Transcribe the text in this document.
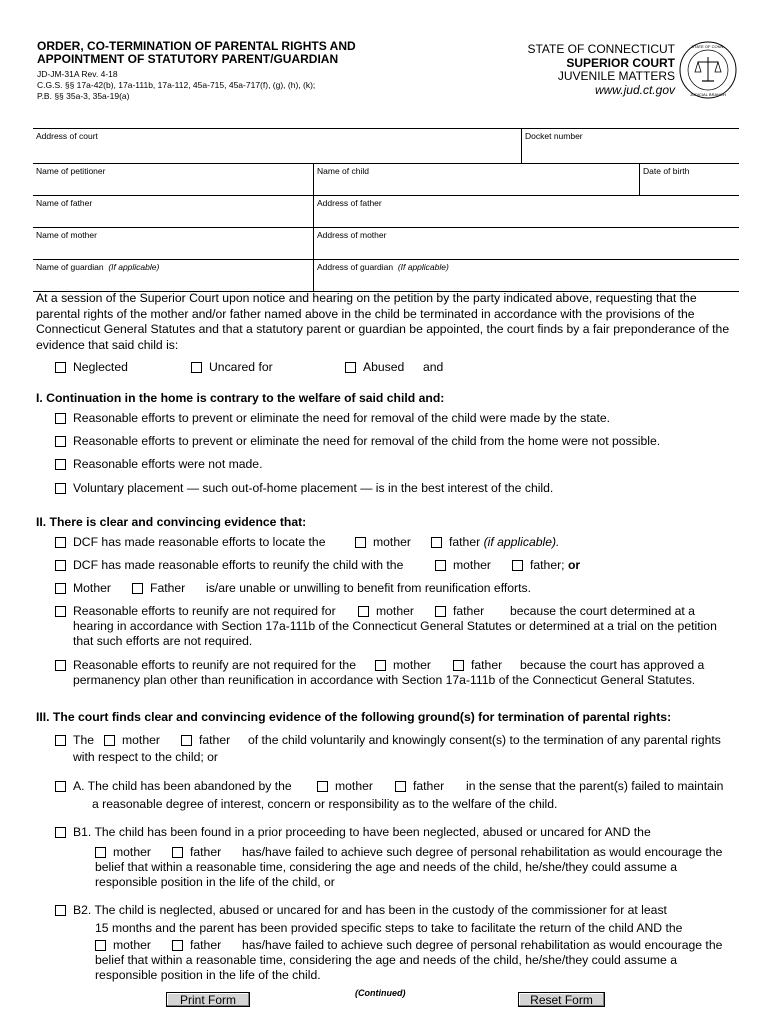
ORDER, CO-TERMINATION OF PARENTAL RIGHTS AND
APPOINTMENT OF STATUTORY PARENT/GUARDIAN
JD-JM-31A Rev. 4-18
C.G.S. §§ 17a-42(b), 17a-111b, 17a-112, 45a-715, 45a-717(f), (g), (h), (k);
P.B. §§ 35a-3, 35a-19(a)
STATE OF CONNECTICUT
SUPERIOR COURT
JUVENILE MATTERS
www.jud.ct.gov
STATE OF CONN.
JUDICIAL BRANCH
Address of court	Docket number
Name of petitioner	Name of child	Date of birth
Name of father	Address of father
Name of mother	Address of mother
Name of guardian (If applicable)	Address of guardian (If applicable)
At a session of the Superior Court upon notice and hearing on the petition by the party indicated above, requesting that the parental rights of the mother and/or father named above in the child be terminated in accordance with the provisions of the Connecticut General Statutes and that a statutory parent or guardian be appointed, the court finds by a fair preponderance of the evidence that said child is:
Neglected	Uncared for	Abused and
I. Continuation in the home is contrary to the welfare of said child and:
Reasonable efforts to prevent or eliminate the need for removal of the child were made by the state.
Reasonable efforts to prevent or eliminate the need for removal of the child from the home were not possible.
Reasonable efforts were not made.
Voluntary placement — such out-of-home placement — is in the best interest of the child.
II. There is clear and convincing evidence that:
DCF has made reasonable efforts to locate the	mother	father (if applicable).
DCF has made reasonable efforts to reunify the child with the	mother	father; or
Mother	Father is/are unable or unwilling to benefit from reunification efforts.
Reasonable efforts to reunify are not required for	mother	father because the court determined at a
hearing in accordance with Section 17a-111b of the Connecticut General Statutes or determined at a trial on the petition that such efforts are not required.
Reasonable efforts to reunify are not required for the	mother	father because the court has approved a
permanency plan other than reunification in accordance with Section 17a-111b of the Connecticut General Statutes.
III. The court finds clear and convincing evidence of the following ground(s) for termination of parental rights:
The mother	father of the child voluntarily and knowingly consent(s) to the termination of any parental rights
with respect to the child; or
A. The child has been abandoned by the	mother	father in the sense that the parent(s) failed to maintain
a reasonable degree of interest, concern or responsibility as to the welfare of the child.
B1. The child has been found in a prior proceeding to have been neglected, abused or uncared for AND the
mother	father has/have failed to achieve such degree of personal rehabilitation as would encourage the
belief that within a reasonable time, considering the age and needs of the child, he/she/they could assume a
responsible position in the life of the child, or
B2. The child is neglected, abused or uncared for and has been in the custody of the commissioner for at least
15 months and the parent has been provided specific steps to take to facilitate the return of the child AND the
mother	father has/have failed to achieve such degree of personal rehabilitation as would encourage the
belief that within a reasonable time, considering the age and needs of the child, he/she/they could assume a
responsible position in the life of the child.
Print Form	(Continued)	Reset Form
